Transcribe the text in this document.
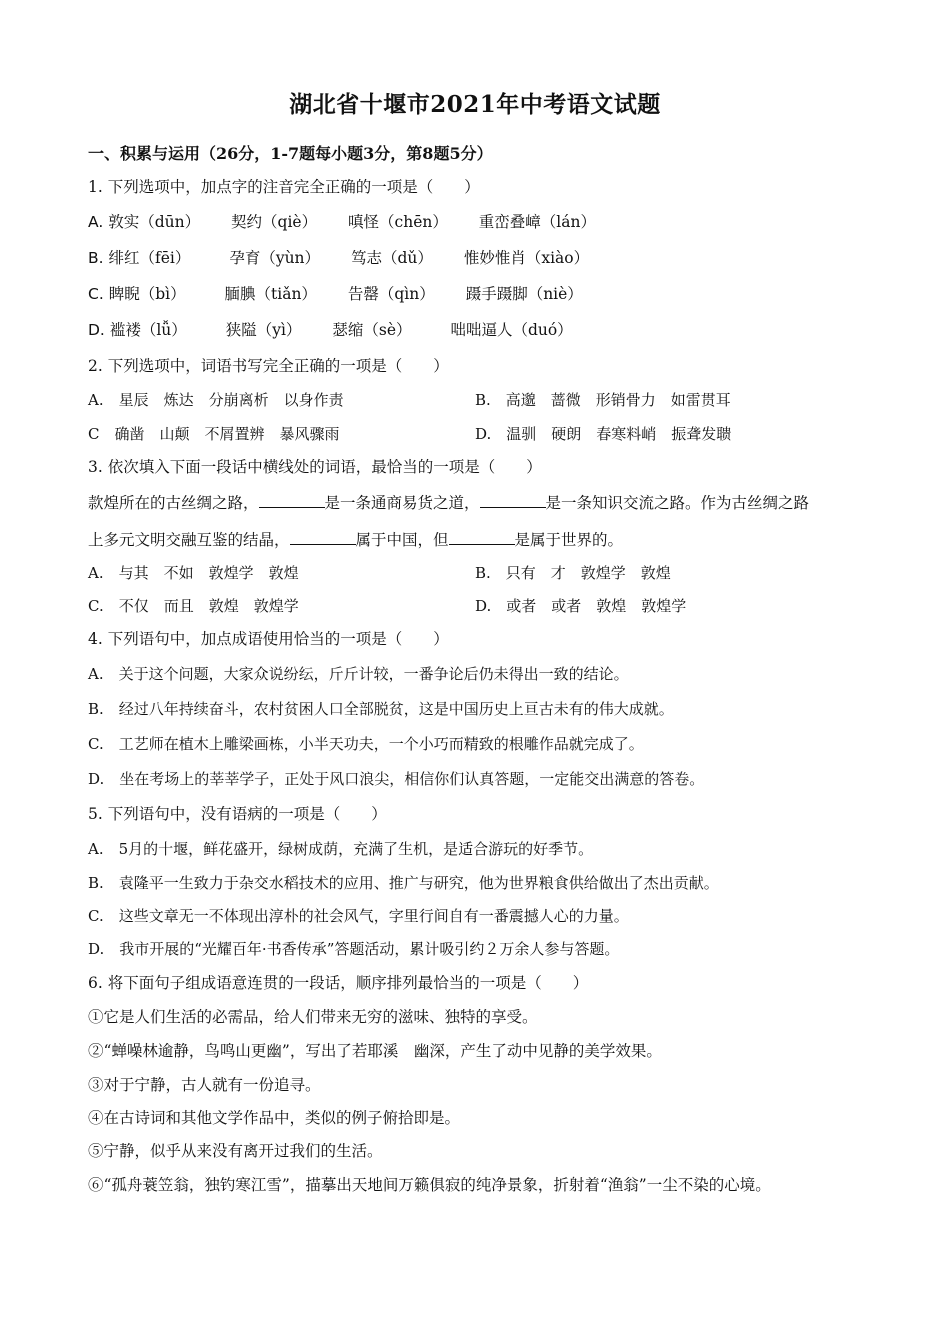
湖北省十堰市2021年中考语文试题
一、积累与运用（26分，1-7题每小题3分，第8题5分）
1. 下列选项中，加点字的注音完全正确的一项是（　　）
A. 敦实（dūn） 契约（qiè） 嗔怪（chēn） 重峦叠嶂（lán）
B. 绯红（fēi）	孕育（yùn） 笃志（dǔ） 惟妙惟肖（xiào）
C. 睥睨（bì）	腼腆（tiǎn） 告罄（qìn） 蹑手蹑脚（niè）
D. 褴褛（lǚ）	狭隘（yì） 瑟缩（sè）	咄咄逼人（duó）
2. 下列选项中，词语书写完全正确的一项是（　　）
A.　星辰　炼达　分崩离析　以身作责	B.　高邈　蔷微　形销骨力　如雷贯耳
C　确凿　山颠　不屑置辨　暴风骤雨	D.　温驯　硬朗　春寒料峭　振聋发聩
3. 依次填入下面一段话中横线处的词语，最恰当的一项是（　　）
款煌所在的古丝绸之路，	是一条通商易货之道，	是一条知识交流之路。作为古丝绸之路
上多元文明交融互鉴的结晶，	属于中国，但	是属于世界的。
A.　与其　不如　敦煌学　敦煌	B.　只有　才　敦煌学　敦煌
C.　不仅　而且　敦煌　敦煌学	D.　或者　或者　敦煌　敦煌学
4. 下列语句中，加点成语使用恰当的一项是（　　）
A.　关于这个问题，大家众说纷纭，斤斤计较，一番争论后仍未得出一致的结论。
B.　经过八年持续奋斗，农村贫困人口全部脱贫，这是中国历史上亘古未有的伟大成就。
C.　工艺师在植木上雕梁画栋，小半天功夫，一个小巧而精致的根雕作品就完成了。
D.　坐在考场上的莘莘学子，正处于风口浪尖，相信你们认真答题，一定能交出满意的答卷。
5. 下列语句中，没有语病的一项是（　　）
A.　5月的十堰，鲜花盛开，绿树成荫，充满了生机，是适合游玩的好季节。
B.　袁隆平一生致力于杂交水稻技术的应用、推广与研究，他为世界粮食供给做出了杰出贡献。
C.　这些文章无一不体现出淳朴的社会风气，字里行间自有一番震撼人心的力量。
D.　我市开展的“光耀百年·书香传承”答题活动，累计吸引约２万余人参与答题。
6. 将下面句子组成语意连贯的一段话，顺序排列最恰当的一项是（　　）
①它是人们生活的必需品，给人们带来无穷的滋味、独特的享受。
②“蝉噪林逾静，鸟鸣山更幽”，写出了若耶溪　幽深，产生了动中见静的美学效果。
③对于宁静，古人就有一份追寻。
④在古诗词和其他文学作品中，类似的例子俯拾即是。
⑤宁静，似乎从来没有离开过我们的生活。
⑥“孤舟蓑笠翁，独钓寒江雪”，描摹出天地间万籁俱寂的纯净景象，折射着“渔翁”一尘不染的心境。
